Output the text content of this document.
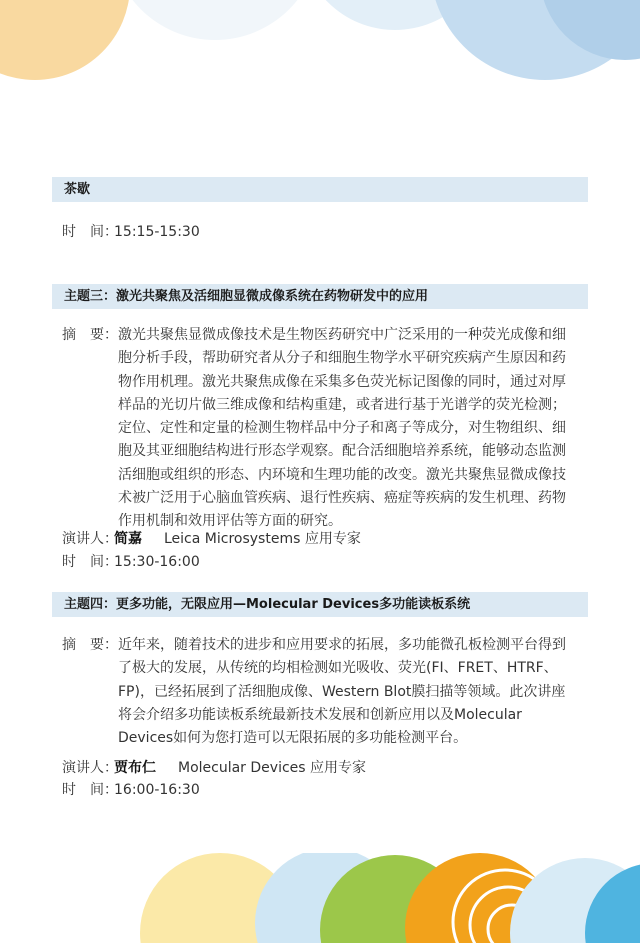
茶歇
时　间：15:15-15:30
主题三：激光共聚焦及活细胞显微成像系统在药物研发中的应用
摘　要： 激光共聚焦显微成像技术是生物医药研究中广泛采用的一种荧光成像和细
胞分析手段，帮助研究者从分子和细胞生物学水平研究疾病产生原因和药
物作用机理。激光共聚焦成像在采集多色荧光标记图像的同时，通过对厚
样品的光切片做三维成像和结构重建，或者进行基于光谱学的荧光检测；
定位、定性和定量的检测生物样品中分子和离子等成分，对生物组织、细
胞及其亚细胞结构进行形态学观察。配合活细胞培养系统，能够动态监测
活细胞或组织的形态、内环境和生理功能的改变。激光共聚焦显微成像技
术被广泛用于心脑血管疾病、退行性疾病、癌症等疾病的发生机理、药物
作用机制和效用评估等方面的研究。
演讲人：简嘉 Leica Microsystems 应用专家
时　间：15:30-16:00
主题四：更多功能，无限应用—Molecular Devices多功能读板系统
摘　要： 近年来，随着技术的进步和应用要求的拓展，多功能微孔板检测平台得到
了极大的发展，从传统的均相检测如光吸收、荧光(FI、FRET、HTRF、
FP)，已经拓展到了活细胞成像、Western Blot膜扫描等领域。此次讲座
将会介绍多功能读板系统最新技术发展和创新应用以及Molecular
Devices如何为您打造可以无限拓展的多功能检测平台。
演讲人：贾布仁 Molecular Devices 应用专家
时　间：16:00-16:30
